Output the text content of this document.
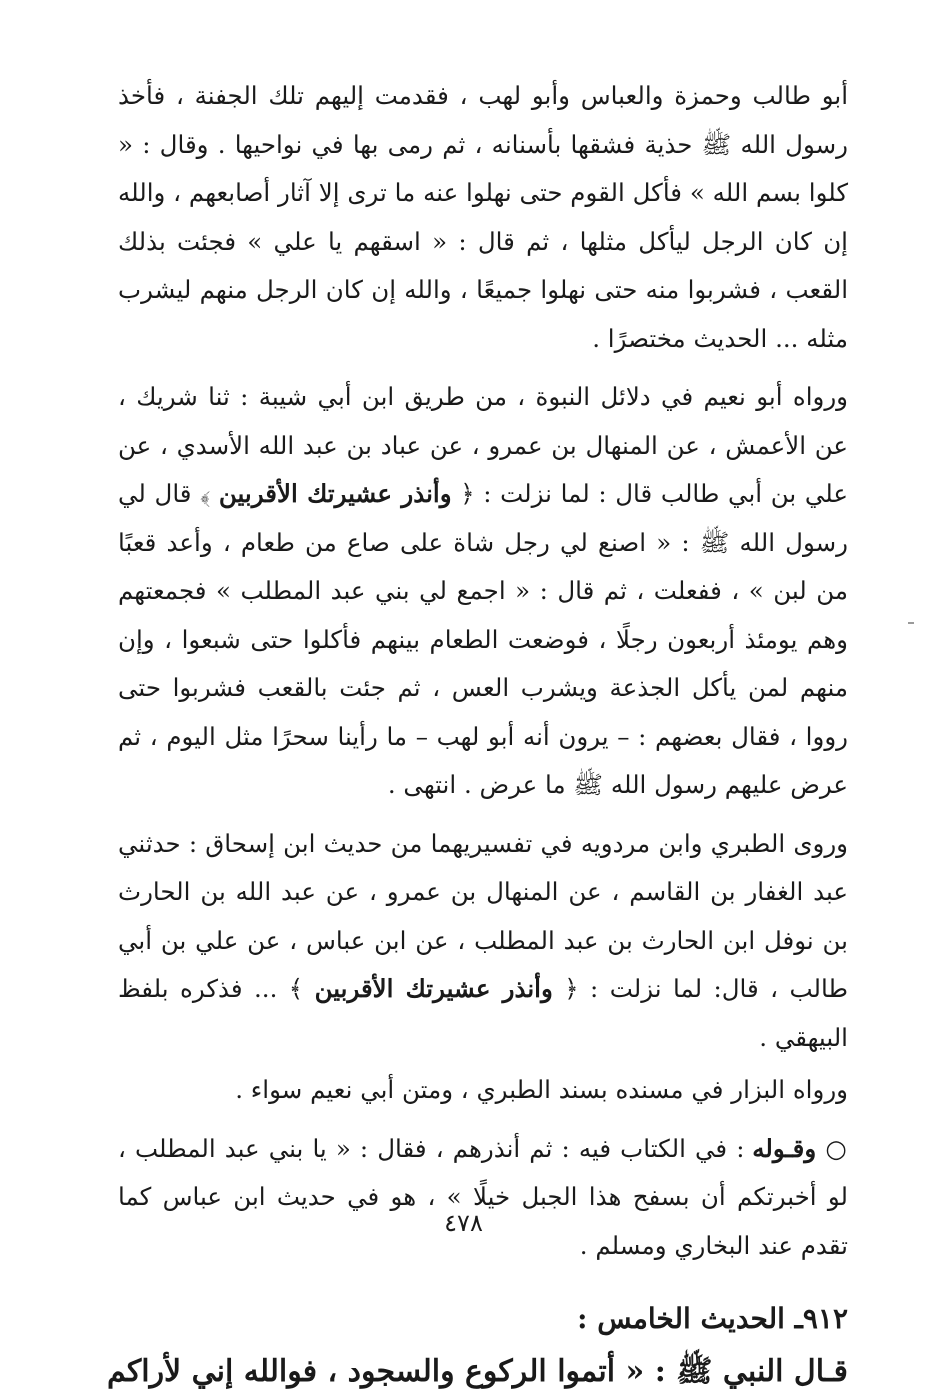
أبو طالب وحمزة والعباس وأبو لهب ، فقدمت إليهم تلك الجفنة ، فأخذ رسول الله ﷺ حذية فشقها بأسنانه ، ثم رمى بها في نواحيها . وقال : « كلوا بسم الله » فأكل القوم حتى نهلوا عنه ما ترى إلا آثار أصابعهم ، والله إن كان الرجل ليأكل مثلها ، ثم قال : « اسقهم يا علي » فجئت بذلك القعب ، فشربوا منه حتى نهلوا جميعًا ، والله إن كان الرجل منهم ليشرب مثله ... الحديث مختصرًا .

ورواه أبو نعيم في دلائل النبوة ، من طريق ابن أبي شيبة : ثنا شريك ، عن الأعمش ، عن المنهال بن عمرو ، عن عباد بن عبد الله الأسدي ، عن علي بن أبي طالب قال : لما نزلت : ﴿ وأنذر عشيرتك الأقربين ﴾ قال لي رسول الله ﷺ : « اصنع لي رجل شاة على صاع من طعام ، وأعد قعبًا من لبن » ، ففعلت ، ثم قال : « اجمع لي بني عبد المطلب » فجمعتهم وهم يومئذ أربعون رجلًا ، فوضعت الطعام بينهم فأكلوا حتى شبعوا ، وإن منهم لمن يأكل الجذعة ويشرب العس ، ثم جئت بالقعب فشربوا حتى رووا ، فقال بعضهم : – يرون أنه أبو لهب – ما رأينا سحرًا مثل اليوم ، ثم عرض عليهم رسول الله ﷺ ما عرض . انتهى .

وروى الطبري وابن مردويه في تفسيريهما من حديث ابن إسحاق : حدثني عبد الغفار بن القاسم ، عن المنهال بن عمرو ، عن عبد الله بن الحارث بن نوفل ابن الحارث بن عبد المطلب ، عن ابن عباس ، عن علي بن أبي طالب ، قال: لما نزلت : ﴿ وأنذر عشيرتك الأقربين ﴾ ... فذكره بلفظ البيهقي .

ورواه البزار في مسنده بسند الطبري ، ومتن أبي نعيم سواء .

○ وقـوله : في الكتاب فيه : ثم أنذرهم ، فقال : « يا بني عبد المطلب ، لو أخبرتكم أن بسفح هذا الجبل خيلًا » ، هو في حديث ابن عباس كما تقدم عند البخاري ومسلم .

٩١٢ـ الحديث الخامس :

قـال النبي ﷺ : « أتموا الركوع والسجود ، فوالله إني لأراكم

٤٧٨
